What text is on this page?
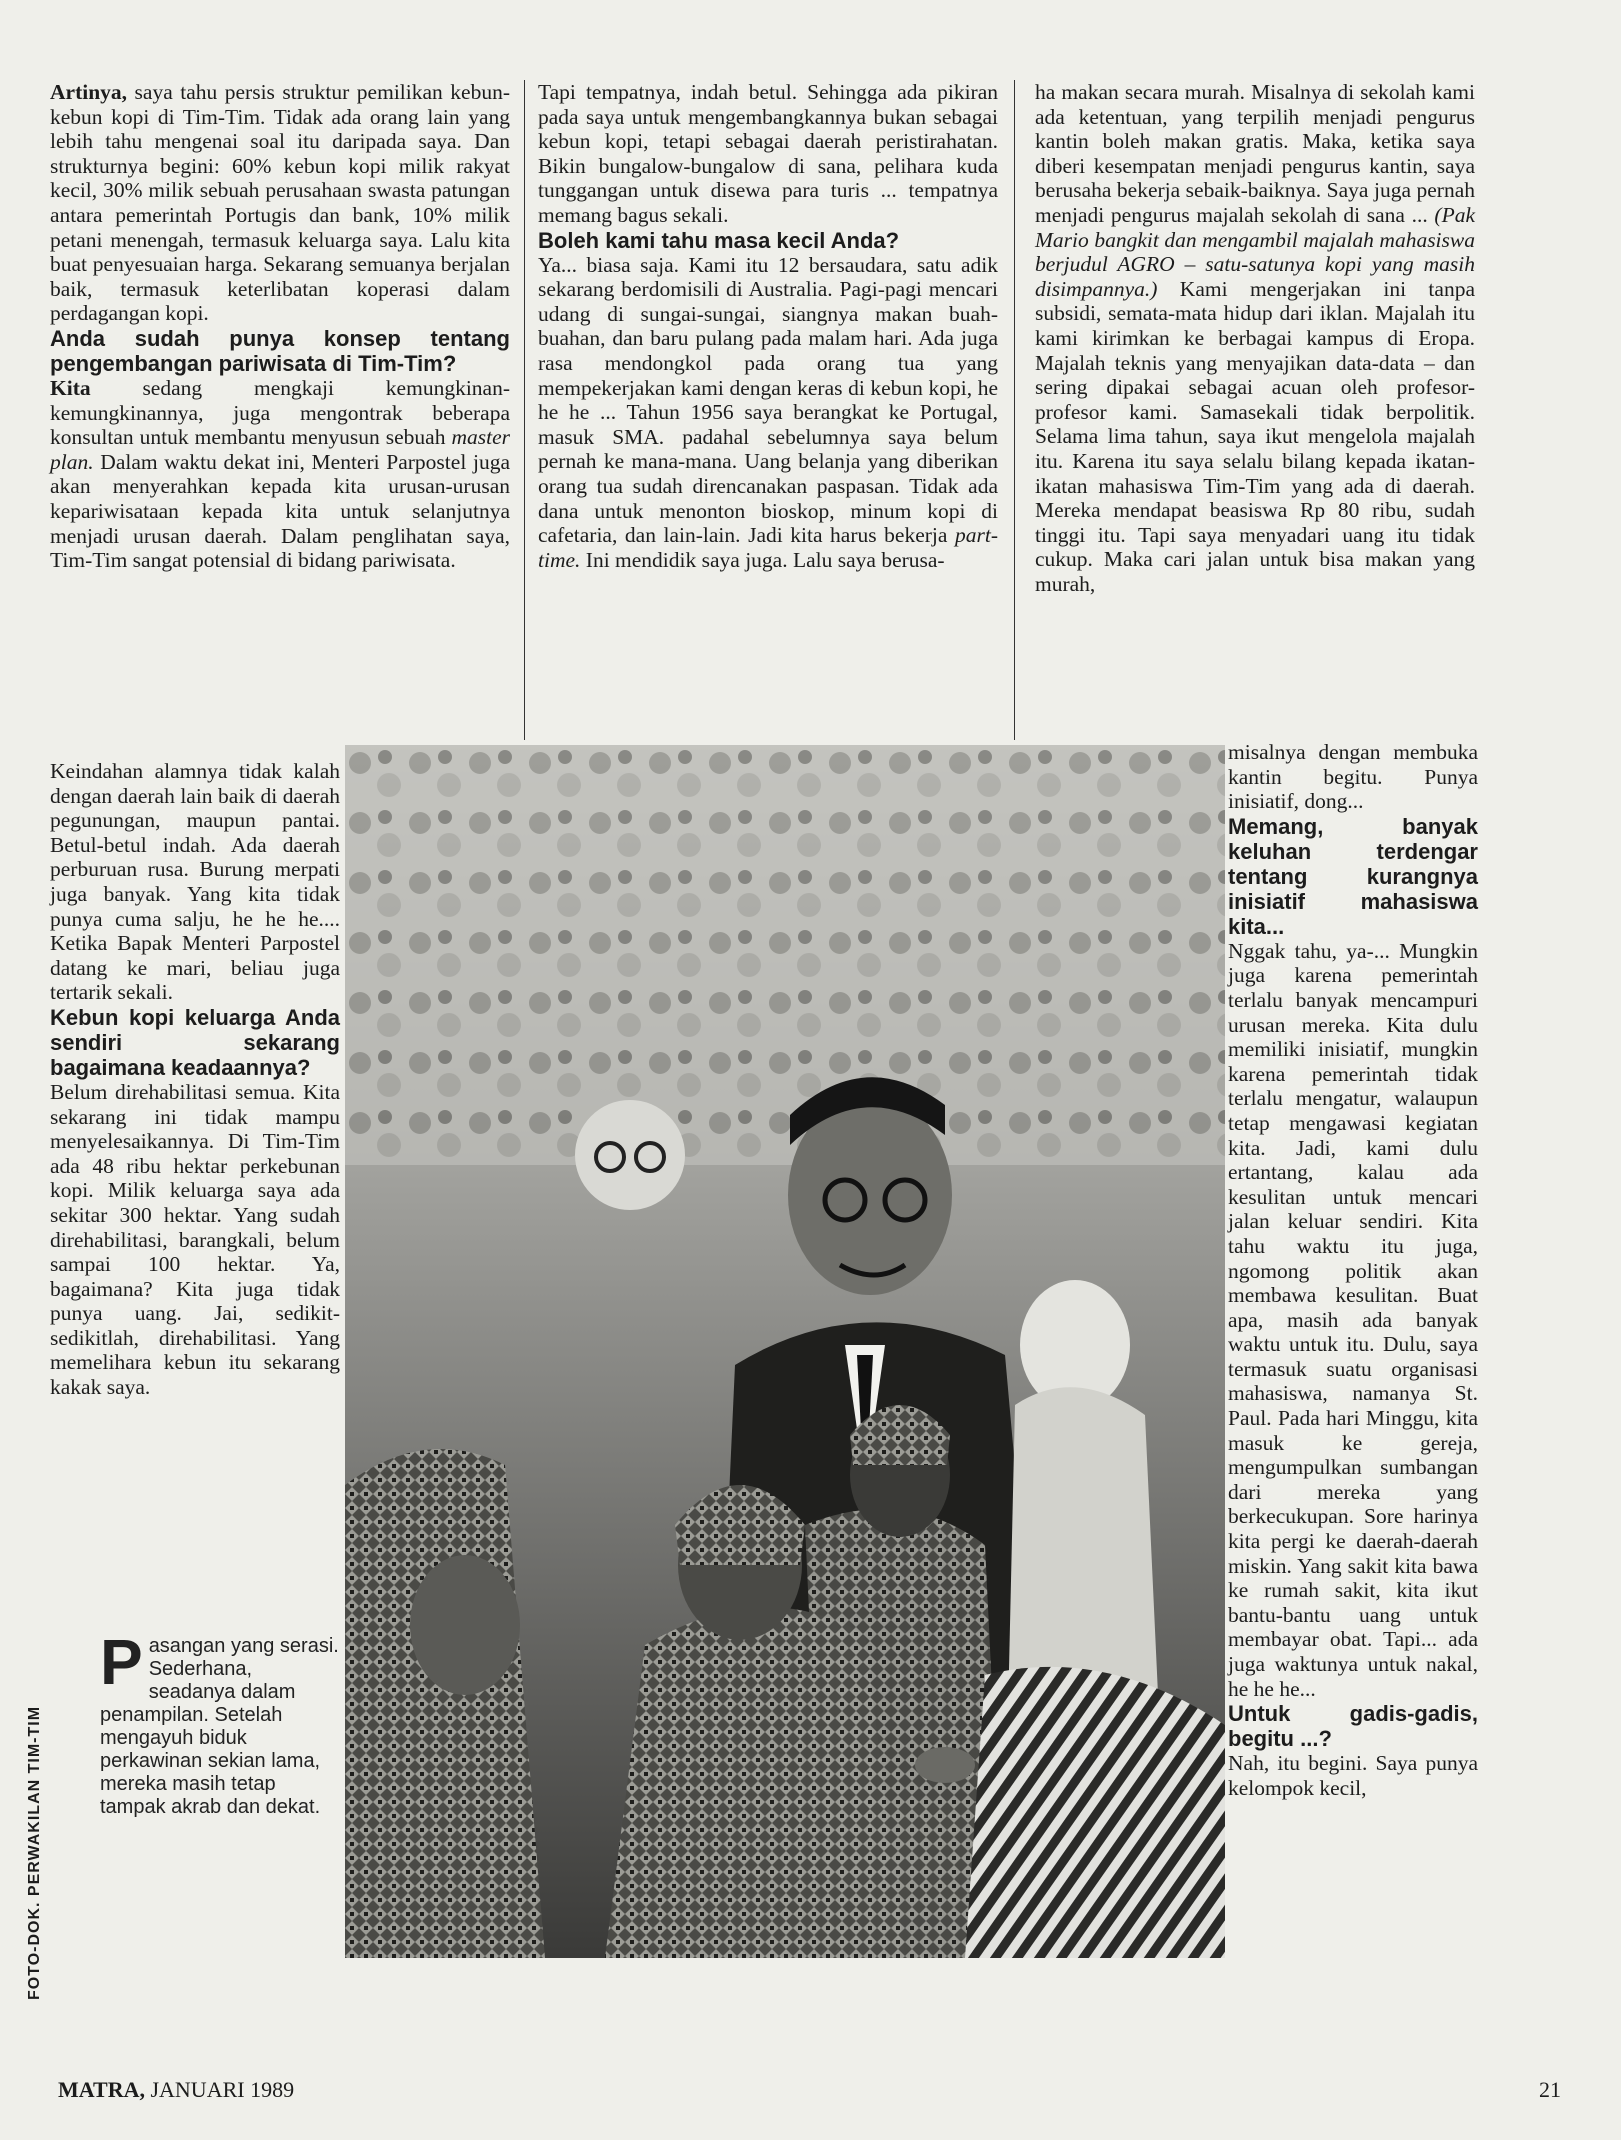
Artinya, saya tahu persis struktur pemilikan kebun-kebun kopi di Tim-Tim. Tidak ada orang lain yang lebih tahu mengenai soal itu daripada saya. Dan strukturnya begini: 60% kebun kopi milik rakyat kecil, 30% milik sebuah perusahaan swasta patungan antara pemerintah Portugis dan bank, 10% milik petani menengah, termasuk keluarga saya. Lalu kita buat penyesuaian harga. Sekarang semuanya berjalan baik, termasuk keterlibatan koperasi dalam perdagangan kopi.

Anda sudah punya konsep tentang pengembangan pariwisata di Tim-Tim?

Kita sedang mengkaji kemungkinan-kemungkinannya, juga mengontrak beberapa konsultan untuk membantu menyusun sebuah master plan. Dalam waktu dekat ini, Menteri Parpostel juga akan menyerahkan kepada kita urusan-urusan kepariwisataan kepada kita untuk selanjutnya menjadi urusan daerah. Dalam penglihatan saya, Tim-Tim sangat potensial di bidang pariwisata.

Keindahan alamnya tidak kalah dengan daerah lain baik di daerah pegunungan, maupun pantai. Betul-betul indah. Ada daerah perburuan rusa. Burung merpati juga banyak. Yang kita tidak punya cuma salju, he he he.... Ketika Bapak Menteri Parpostel datang ke mari, beliau juga tertarik sekali.

Kebun kopi keluarga Anda sendiri sekarang bagaimana keadaannya?

Belum direhabilitasi semua. Kita sekarang ini tidak mampu menyelesaikannya. Di Tim-Tim ada 48 ribu hektar perkebunan kopi. Milik keluarga saya ada sekitar 300 hektar. Yang sudah direhabilitasi, barangkali, belum sampai 100 hektar. Ya, bagaimana? Kita juga tidak punya uang. Jai, sedikit-sedikitlah, direhabilitasi. Yang memelihara kebun itu sekarang kakak saya.

Tapi tempatnya, indah betul. Sehingga ada pikiran pada saya untuk mengembangkannya bukan sebagai kebun kopi, tetapi sebagai daerah peristirahatan. Bikin bungalow-bungalow di sana, pelihara kuda tunggangan untuk disewa para turis ... tempatnya memang bagus sekali.

Boleh kami tahu masa kecil Anda?

Ya... biasa saja. Kami itu 12 bersaudara, satu adik sekarang berdomisili di Australia. Pagi-pagi mencari udang di sungai-sungai, siangnya makan buah-buahan, dan baru pulang pada malam hari. Ada juga rasa mendongkol pada orang tua yang mempekerjakan kami dengan keras di kebun kopi, he he he ... Tahun 1956 saya berangkat ke Portugal, masuk SMA. padahal sebelumnya saya belum pernah ke mana-mana. Uang belanja yang diberikan orang tua sudah direncanakan paspasan. Tidak ada dana untuk menonton bioskop, minum kopi di cafetaria, dan lain-lain. Jadi kita harus bekerja part-time. Ini mendidik saya juga. Lalu saya berusa-

ha makan secara murah. Misalnya di sekolah kami ada ketentuan, yang terpilih menjadi pengurus kantin boleh makan gratis. Maka, ketika saya diberi kesempatan menjadi pengurus kantin, saya berusaha bekerja sebaik-baiknya. Saya juga pernah menjadi pengurus majalah sekolah di sana ... (Pak Mario bangkit dan mengambil majalah mahasiswa berjudul AGRO – satu-satunya kopi yang masih disimpannya.) Kami mengerjakan ini tanpa subsidi, semata-mata hidup dari iklan. Majalah itu kami kirimkan ke berbagai kampus di Eropa. Majalah teknis yang menyajikan data-data – dan sering dipakai sebagai acuan oleh profesor-profesor kami. Samasekali tidak berpolitik. Selama lima tahun, saya ikut mengelola majalah itu. Karena itu saya selalu bilang kepada ikatan-ikatan mahasiswa Tim-Tim yang ada di daerah. Mereka mendapat beasiswa Rp 80 ribu, sudah tinggi itu. Tapi saya menyadari uang itu tidak cukup. Maka cari jalan untuk bisa makan yang murah,

misalnya dengan membuka kantin begitu. Punya inisiatif, dong...

Memang, banyak keluhan terdengar tentang kurangnya inisiatif mahasiswa kita...

Nggak tahu, ya-... Mungkin juga karena pemerintah terlalu banyak mencampuri urusan mereka. Kita dulu memiliki inisiatif, mungkin karena pemerintah tidak terlalu mengatur, walaupun tetap mengawasi kegiatan kita. Jadi, kami dulu ertantang, kalau ada kesulitan untuk mencari jalan keluar sendiri. Kita tahu waktu itu juga, ngomong politik akan membawa kesulitan. Buat apa, masih ada banyak waktu untuk itu. Dulu, saya termasuk suatu organisasi mahasiswa, namanya St. Paul. Pada hari Minggu, kita masuk ke gereja, mengumpulkan sumbangan dari mereka yang berkecukupan. Sore harinya kita pergi ke daerah-daerah miskin. Yang sakit kita bawa ke rumah sakit, kita ikut bantu-bantu uang untuk membayar obat. Tapi... ada juga waktunya untuk nakal, he he he...

Untuk gadis-gadis, begitu ...?

Nah, itu begini. Saya punya kelompok kecil,

Pasangan yang serasi. Sederhana, seadanya dalam penampilan. Setelah mengayuh biduk perkawinan sekian lama, mereka masih tetap tampak akrab dan dekat.
FOTO-DOK. PERWAKILAN TIM-TIM
MATRA, JANUARI 1989	21
